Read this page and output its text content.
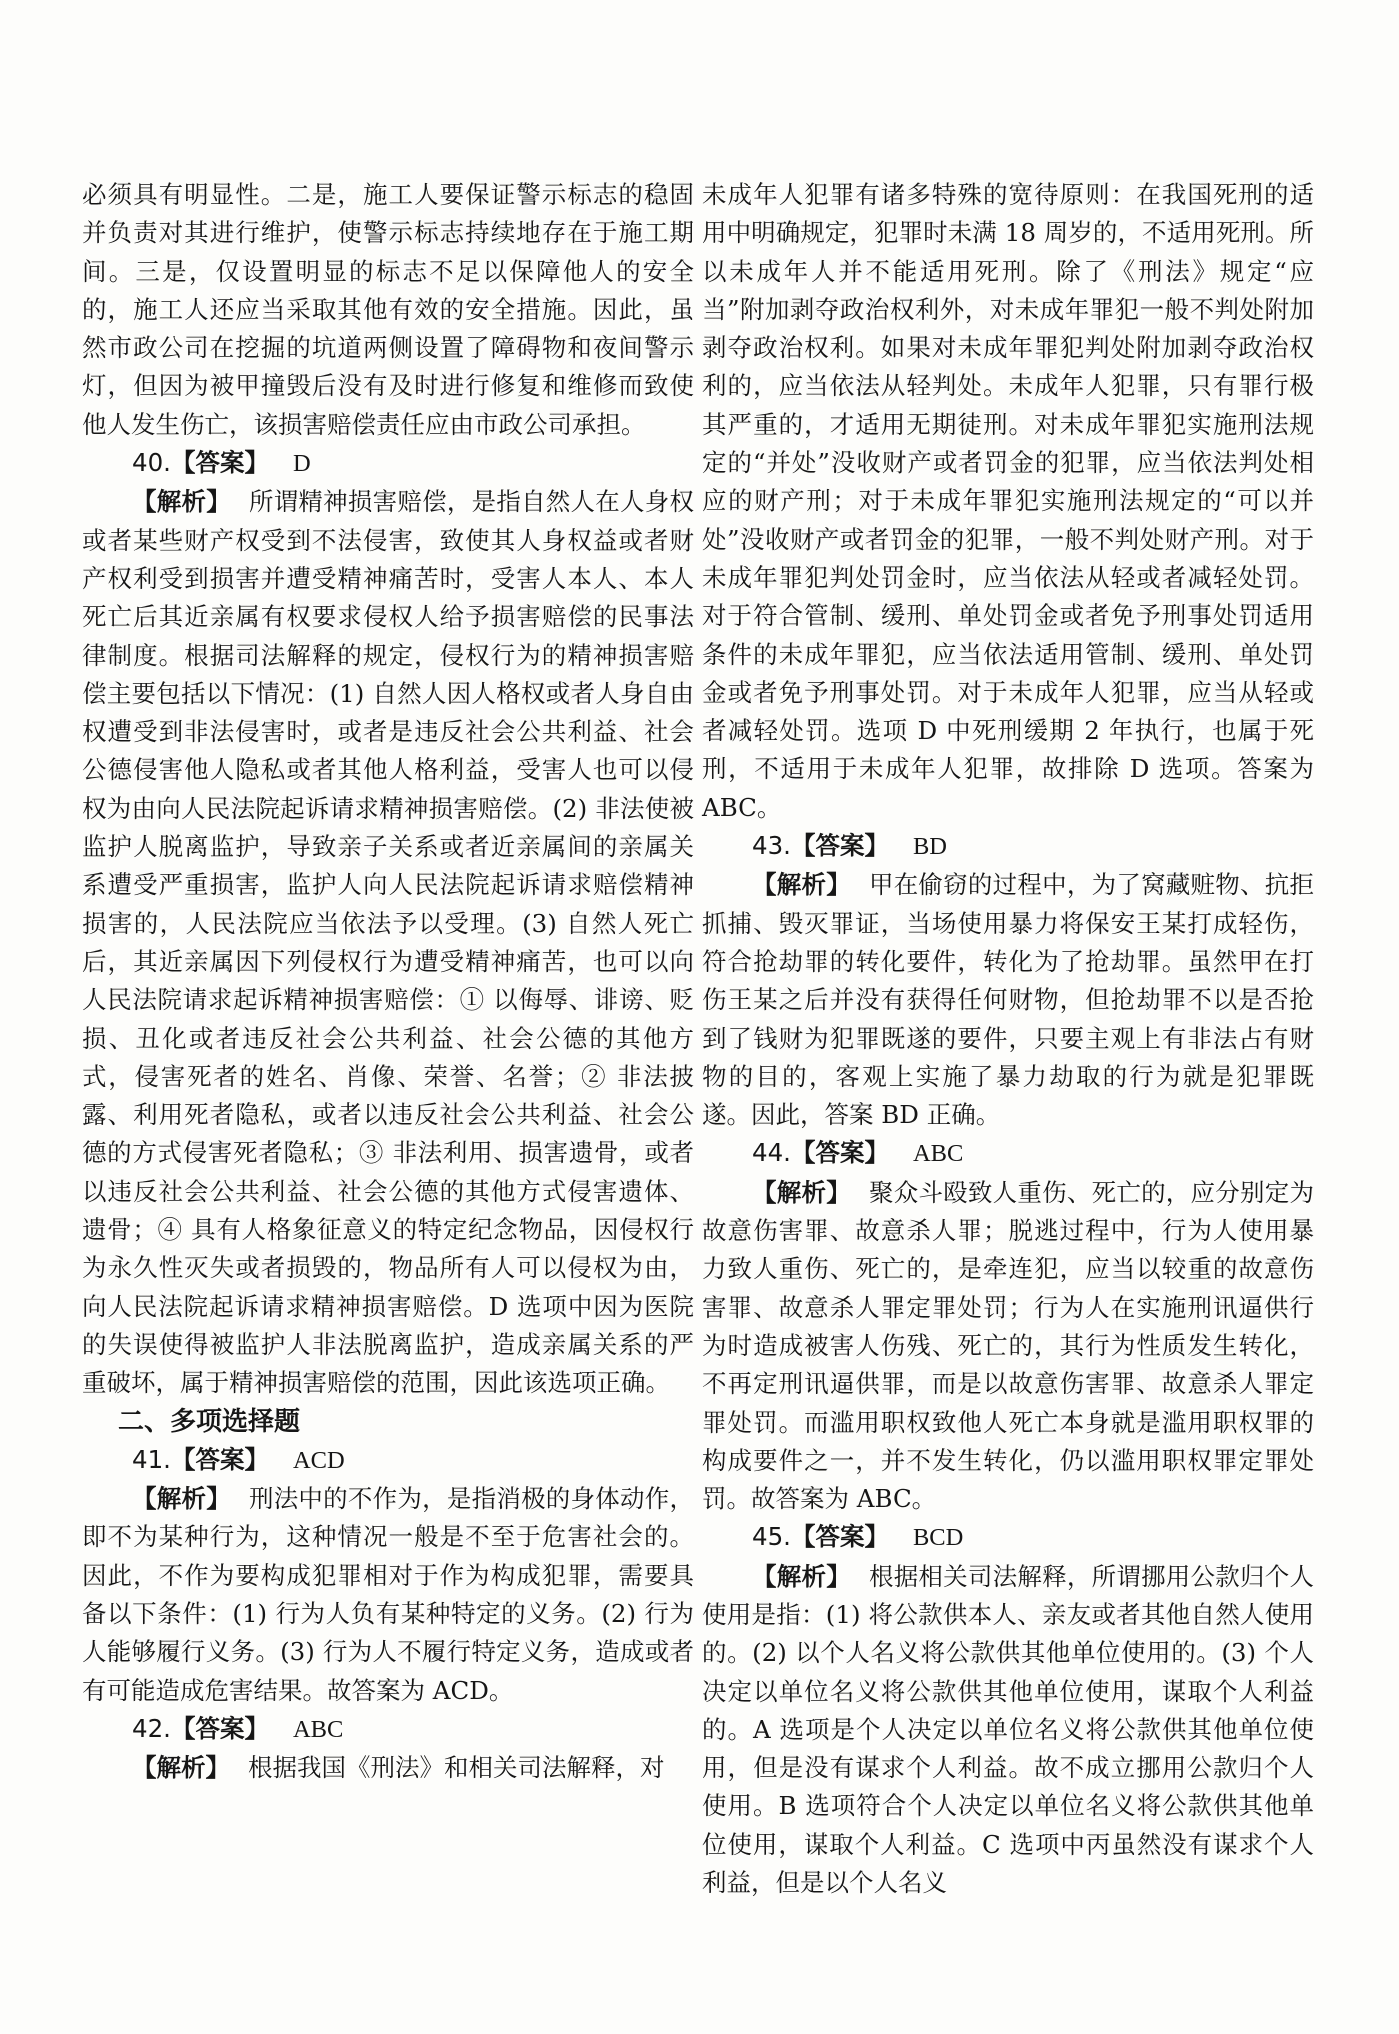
必须具有明显性。二是，施工人要保证警示标志的稳固并负责对其进行维护，使警示标志持续地存在于施工期间。三是，仅设置明显的标志不足以保障他人的安全的，施工人还应当采取其他有效的安全措施。因此，虽然市政公司在挖掘的坑道两侧设置了障碍物和夜间警示灯，但因为被甲撞毁后没有及时进行修复和维修而致使他人发生伤亡，该损害赔偿责任应由市政公司承担。

40.【答案】 D

【解析】 所谓精神损害赔偿，是指自然人在人身权或者某些财产权受到不法侵害，致使其人身权益或者财产权利受到损害并遭受精神痛苦时，受害人本人、本人死亡后其近亲属有权要求侵权人给予损害赔偿的民事法律制度。根据司法解释的规定，侵权行为的精神损害赔偿主要包括以下情况：(1) 自然人因人格权或者人身自由权遭受到非法侵害时，或者是违反社会公共利益、社会公德侵害他人隐私或者其他人格利益，受害人也可以侵权为由向人民法院起诉请求精神损害赔偿。(2) 非法使被监护人脱离监护，导致亲子关系或者近亲属间的亲属关系遭受严重损害，监护人向人民法院起诉请求赔偿精神损害的，人民法院应当依法予以受理。(3) 自然人死亡后，其近亲属因下列侵权行为遭受精神痛苦，也可以向人民法院请求起诉精神损害赔偿：① 以侮辱、诽谤、贬损、丑化或者违反社会公共利益、社会公德的其他方式，侵害死者的姓名、肖像、荣誉、名誉；② 非法披露、利用死者隐私，或者以违反社会公共利益、社会公德的方式侵害死者隐私；③ 非法利用、损害遗骨，或者以违反社会公共利益、社会公德的其他方式侵害遗体、遗骨；④ 具有人格象征意义的特定纪念物品，因侵权行为永久性灭失或者损毁的，物品所有人可以侵权为由，向人民法院起诉请求精神损害赔偿。D 选项中因为医院的失误使得被监护人非法脱离监护，造成亲属关系的严重破坏，属于精神损害赔偿的范围，因此该选项正确。

二、多项选择题

41.【答案】 ACD

【解析】 刑法中的不作为，是指消极的身体动作，即不为某种行为，这种情况一般是不至于危害社会的。因此，不作为要构成犯罪相对于作为构成犯罪，需要具备以下条件：(1) 行为人负有某种特定的义务。(2) 行为人能够履行义务。(3) 行为人不履行特定义务，造成或者有可能造成危害结果。故答案为 ACD。

42.【答案】 ABC

【解析】 根据我国《刑法》和相关司法解释，对

未成年人犯罪有诸多特殊的宽待原则：在我国死刑的适用中明确规定，犯罪时未满 18 周岁的，不适用死刑。所以未成年人并不能适用死刑。除了《刑法》规定“应当”附加剥夺政治权利外，对未成年罪犯一般不判处附加剥夺政治权利。如果对未成年罪犯判处附加剥夺政治权利的，应当依法从轻判处。未成年人犯罪，只有罪行极其严重的，才适用无期徒刑。对未成年罪犯实施刑法规定的“并处”没收财产或者罚金的犯罪，应当依法判处相应的财产刑；对于未成年罪犯实施刑法规定的“可以并处”没收财产或者罚金的犯罪，一般不判处财产刑。对于未成年罪犯判处罚金时，应当依法从轻或者减轻处罚。对于符合管制、缓刑、单处罚金或者免予刑事处罚适用条件的未成年罪犯，应当依法适用管制、缓刑、单处罚金或者免予刑事处罚。对于未成年人犯罪，应当从轻或者减轻处罚。选项 D 中死刑缓期 2 年执行，也属于死刑，不适用于未成年人犯罪，故排除 D 选项。答案为 ABC。

43.【答案】 BD

【解析】 甲在偷窃的过程中，为了窝藏赃物、抗拒抓捕、毁灭罪证，当场使用暴力将保安王某打成轻伤，符合抢劫罪的转化要件，转化为了抢劫罪。虽然甲在打伤王某之后并没有获得任何财物，但抢劫罪不以是否抢到了钱财为犯罪既遂的要件，只要主观上有非法占有财物的目的，客观上实施了暴力劫取的行为就是犯罪既遂。因此，答案 BD 正确。

44.【答案】 ABC

【解析】 聚众斗殴致人重伤、死亡的，应分别定为故意伤害罪、故意杀人罪；脱逃过程中，行为人使用暴力致人重伤、死亡的，是牵连犯，应当以较重的故意伤害罪、故意杀人罪定罪处罚；行为人在实施刑讯逼供行为时造成被害人伤残、死亡的，其行为性质发生转化，不再定刑讯逼供罪，而是以故意伤害罪、故意杀人罪定罪处罚。而滥用职权致他人死亡本身就是滥用职权罪的构成要件之一，并不发生转化，仍以滥用职权罪定罪处罚。故答案为 ABC。

45.【答案】 BCD

【解析】 根据相关司法解释，所谓挪用公款归个人使用是指：(1) 将公款供本人、亲友或者其他自然人使用的。(2) 以个人名义将公款供其他单位使用的。(3) 个人决定以单位名义将公款供其他单位使用，谋取个人利益的。A 选项是个人决定以单位名义将公款供其他单位使用，但是没有谋求个人利益。故不成立挪用公款归个人使用。B 选项符合个人决定以单位名义将公款供其他单位使用，谋取个人利益。C 选项中丙虽然没有谋求个人利益，但是以个人名义
